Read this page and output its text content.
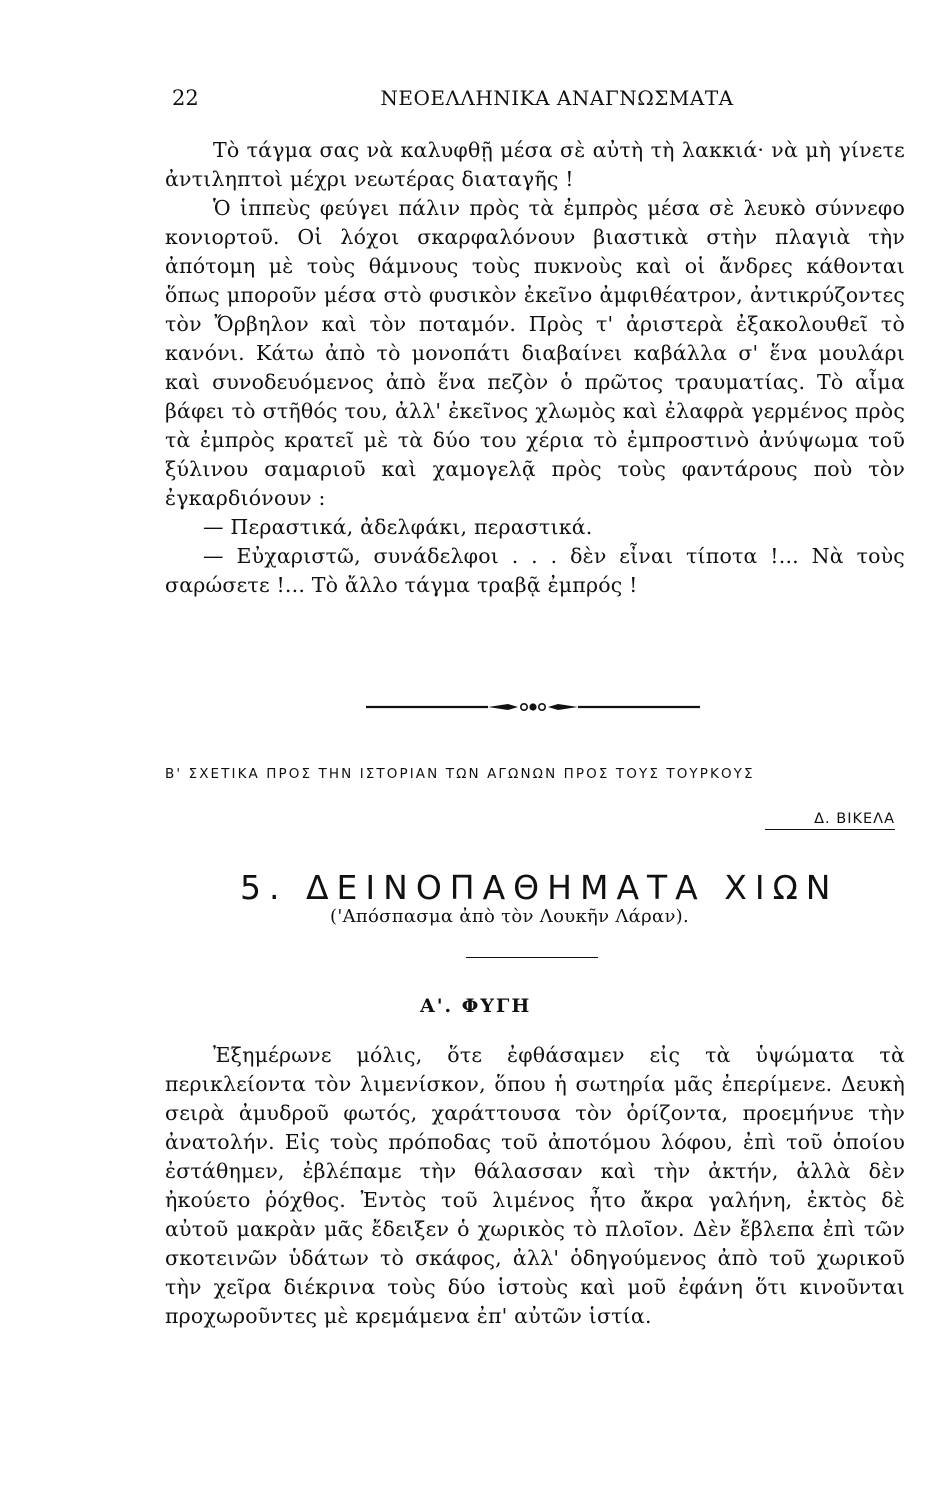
22	ΝΕΟΕΛΛΗΝΙΚΑ ΑΝΑΓΝΩΣΜΑΤΑ

Τὸ τάγμα σας νὰ καλυφθῇ μέσα σὲ αὐτὴ τὴ λακκιά· νὰ μὴ γίνετε ἀντιληπτοὶ μέχρι νεωτέρας διαταγῆς !

Ὁ ἱππεὺς φεύγει πάλιν πρὸς τὰ ἐμπρὸς μέσα σὲ λευκὸ σύννεφο κονιορτοῦ. Οἱ λόχοι σκαρφαλόνουν βιαστικὰ στὴν πλαγιὰ τὴν ἀπότομη μὲ τοὺς θάμνους τοὺς πυκνοὺς καὶ οἱ ἄνδρες κάθονται ὅπως μποροῦν μέσα στὸ φυσικὸν ἐκεῖνο ἀμφιθέατρον, ἀντικρύζοντες τὸν Ὄρβηλον καὶ τὸν ποταμόν. Πρὸς τ' ἀριστερὰ ἐξακολουθεῖ τὸ κανόνι. Κάτω ἀπὸ τὸ μονοπάτι διαβαίνει καβάλλα σ' ἕνα μουλάρι καὶ συνοδευόμενος ἀπὸ ἕνα πεζὸν ὁ πρῶτος τραυματίας. Τὸ αἷμα βάφει τὸ στῆθός του, ἀλλ' ἐκεῖνος χλωμὸς καὶ ἐλαφρὰ γερμένος πρὸς τὰ ἐμπρὸς κρατεῖ μὲ τὰ δύο του χέρια τὸ ἐμπροστινὸ ἀνύψωμα τοῦ ξύλινου σαμαριοῦ καὶ χαμογελᾷ πρὸς τοὺς φαντάρους ποὺ τὸν ἐγκαρδιόνουν :

— Περαστικά, ἀδελφάκι, περαστικά.

— Εὐχαριστῶ, συνάδελφοι . . . δὲν εἶναι τίποτα !... Νὰ τοὺς σαρώσετε !... Τὸ ἄλλο τάγμα τραβᾷ ἐμπρός !

Β' ΣΧΕΤΙΚΑ ΠΡΟΣ ΤΗΝ ΙΣΤΟΡΙΑΝ ΤΩΝ ΑΓΩΝΩΝ ΠΡΟΣ ΤΟΥΣ ΤΟΥΡΚΟΥΣ
Δ. ΒΙΚΕΛΑ
5. ΔΕΙΝΟΠΑΘΗΜΑΤΑ ΧΙΩΝ
('Απόσπασμα ἀπὸ τὸν Λουκῆν Λάραν).
Α'. ΦΥΓΗ

Ἐξημέρωνε μόλις, ὅτε ἐφθάσαμεν εἰς τὰ ὑψώματα τὰ περικλείοντα τὸν λιμενίσκον, ὅπου ἡ σωτηρία μᾶς ἐπερίμενε. Δευκὴ σειρὰ ἀμυδροῦ φωτός, χαράττουσα τὸν ὁρίζοντα, προεμήνυε τὴν ἀνατολήν. Εἰς τοὺς πρόποδας τοῦ ἀποτόμου λόφου, ἐπὶ τοῦ ὁποίου ἐστάθημεν, ἐβλέπαμε τὴν θάλασσαν καὶ τὴν ἀκτήν, ἀλλὰ δὲν ἠκούετο ῥόχθος. Ἐντὸς τοῦ λιμένος ἦτο ἄκρα γαλήνη, ἐκτὸς δὲ αὐτοῦ μακρὰν μᾶς ἔδειξεν ὁ χωρικὸς τὸ πλοῖον. Δὲν ἔβλεπα ἐπὶ τῶν σκοτεινῶν ὑδάτων τὸ σκάφος, ἀλλ' ὁδηγούμενος ἀπὸ τοῦ χωρικοῦ τὴν χεῖρα διέκρινα τοὺς δύο ἱστοὺς καὶ μοῦ ἐφάνη ὅτι κινοῦνται προχωροῦντες μὲ κρεμάμενα ἐπ' αὐτῶν ἱστία.
